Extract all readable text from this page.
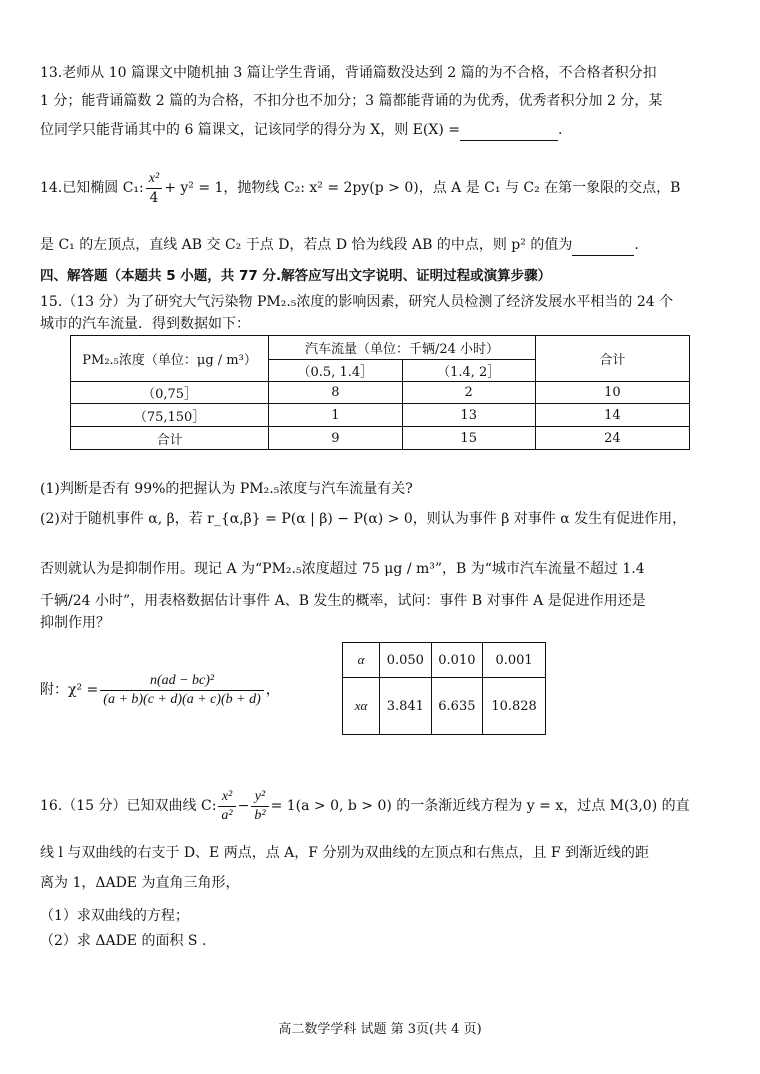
13.老师从 10 篇课文中随机抽 3 篇让学生背诵，背诵篇数没达到 2 篇的为不合格，不合格者积分扣
1 分；能背诵篇数 2 篇的为合格，不扣分也不加分；3 篇都能背诵的为优秀，优秀者积分加 2 分，某
位同学只能背诵其中的 6 篇课文，记该同学的得分为 X，则 E(X) =	.
14.已知椭圆 C₁: $\frac{\text{x²}}{4} + y^2 = 1$，抛物线 C₂: x² = 2py(p > 0)，点 A 是 C₁ 与 C₂ 在第一象限的交点，B
是 C₁ 的左顶点，直线 AB 交 C₂ 于点 D，若点 D 恰为线段 AB 的中点，则 p² 的值为	.
四、解答题（本题共 5 小题，共 77 分.解答应写出文字说明、证明过程或演算步骤）
15.（13 分）为了研究大气污染物 PM₂.₅浓度的影响因素，研究人员检测了经济发展水平相当的 24 个
城市的汽车流量．得到数据如下：
PM₂.₅浓度（单位：μg / m³）	汽车流量（单位：千辆/24 小时）		合计
	（0.5, 1.4］	（1.4, 2］	
（0,75］	8	2	10
（75,150］	1	13	14
合计	9	15	24
(1)判断是否有 99%的把握认为 PM₂.₅浓度与汽车流量有关?
(2)对于随机事件 α, β，若 r_{α,β} = P(α | β) − P(α) > 0，则认为事件 β 对事件 α 发生有促进作用，
否则就认为是抑制作用。现记 A 为“PM₂.₅浓度超过 75 μg / m³”，B 为“城市汽车流量不超过 1.4
千辆/24 小时”，用表格数据估计事件 A、B 发生的概率，试问：事件 B 对事件 A 是促进作用还是
抑制作用？
附：$\chi^2 = \frac{\text{n(ad − bc)²}}{(a + b)(c + d)(a + c)(b + d)}$ ，
α	0.050	0.010	0.001
xα	3.841	6.635	10.828
16.（15 分）已知双曲线 C: $\frac{\text{x²}}{\text{a²}} - \frac{\text{y²}}{\text{b²}} = 1(a > 0$, b > 0) 的一条渐近线方程为 y = x，过点 M(3,0) 的直
线 l 与双曲线的右支于 D、E 两点，点 A，F 分别为双曲线的左顶点和右焦点，且 F 到渐近线的距
离为 1，ΔADE 为直角三角形，
（1）求双曲线的方程；
（2）求 ΔADE 的面积 S .
高二数学学科 试题 第 3页(共 4 页)
